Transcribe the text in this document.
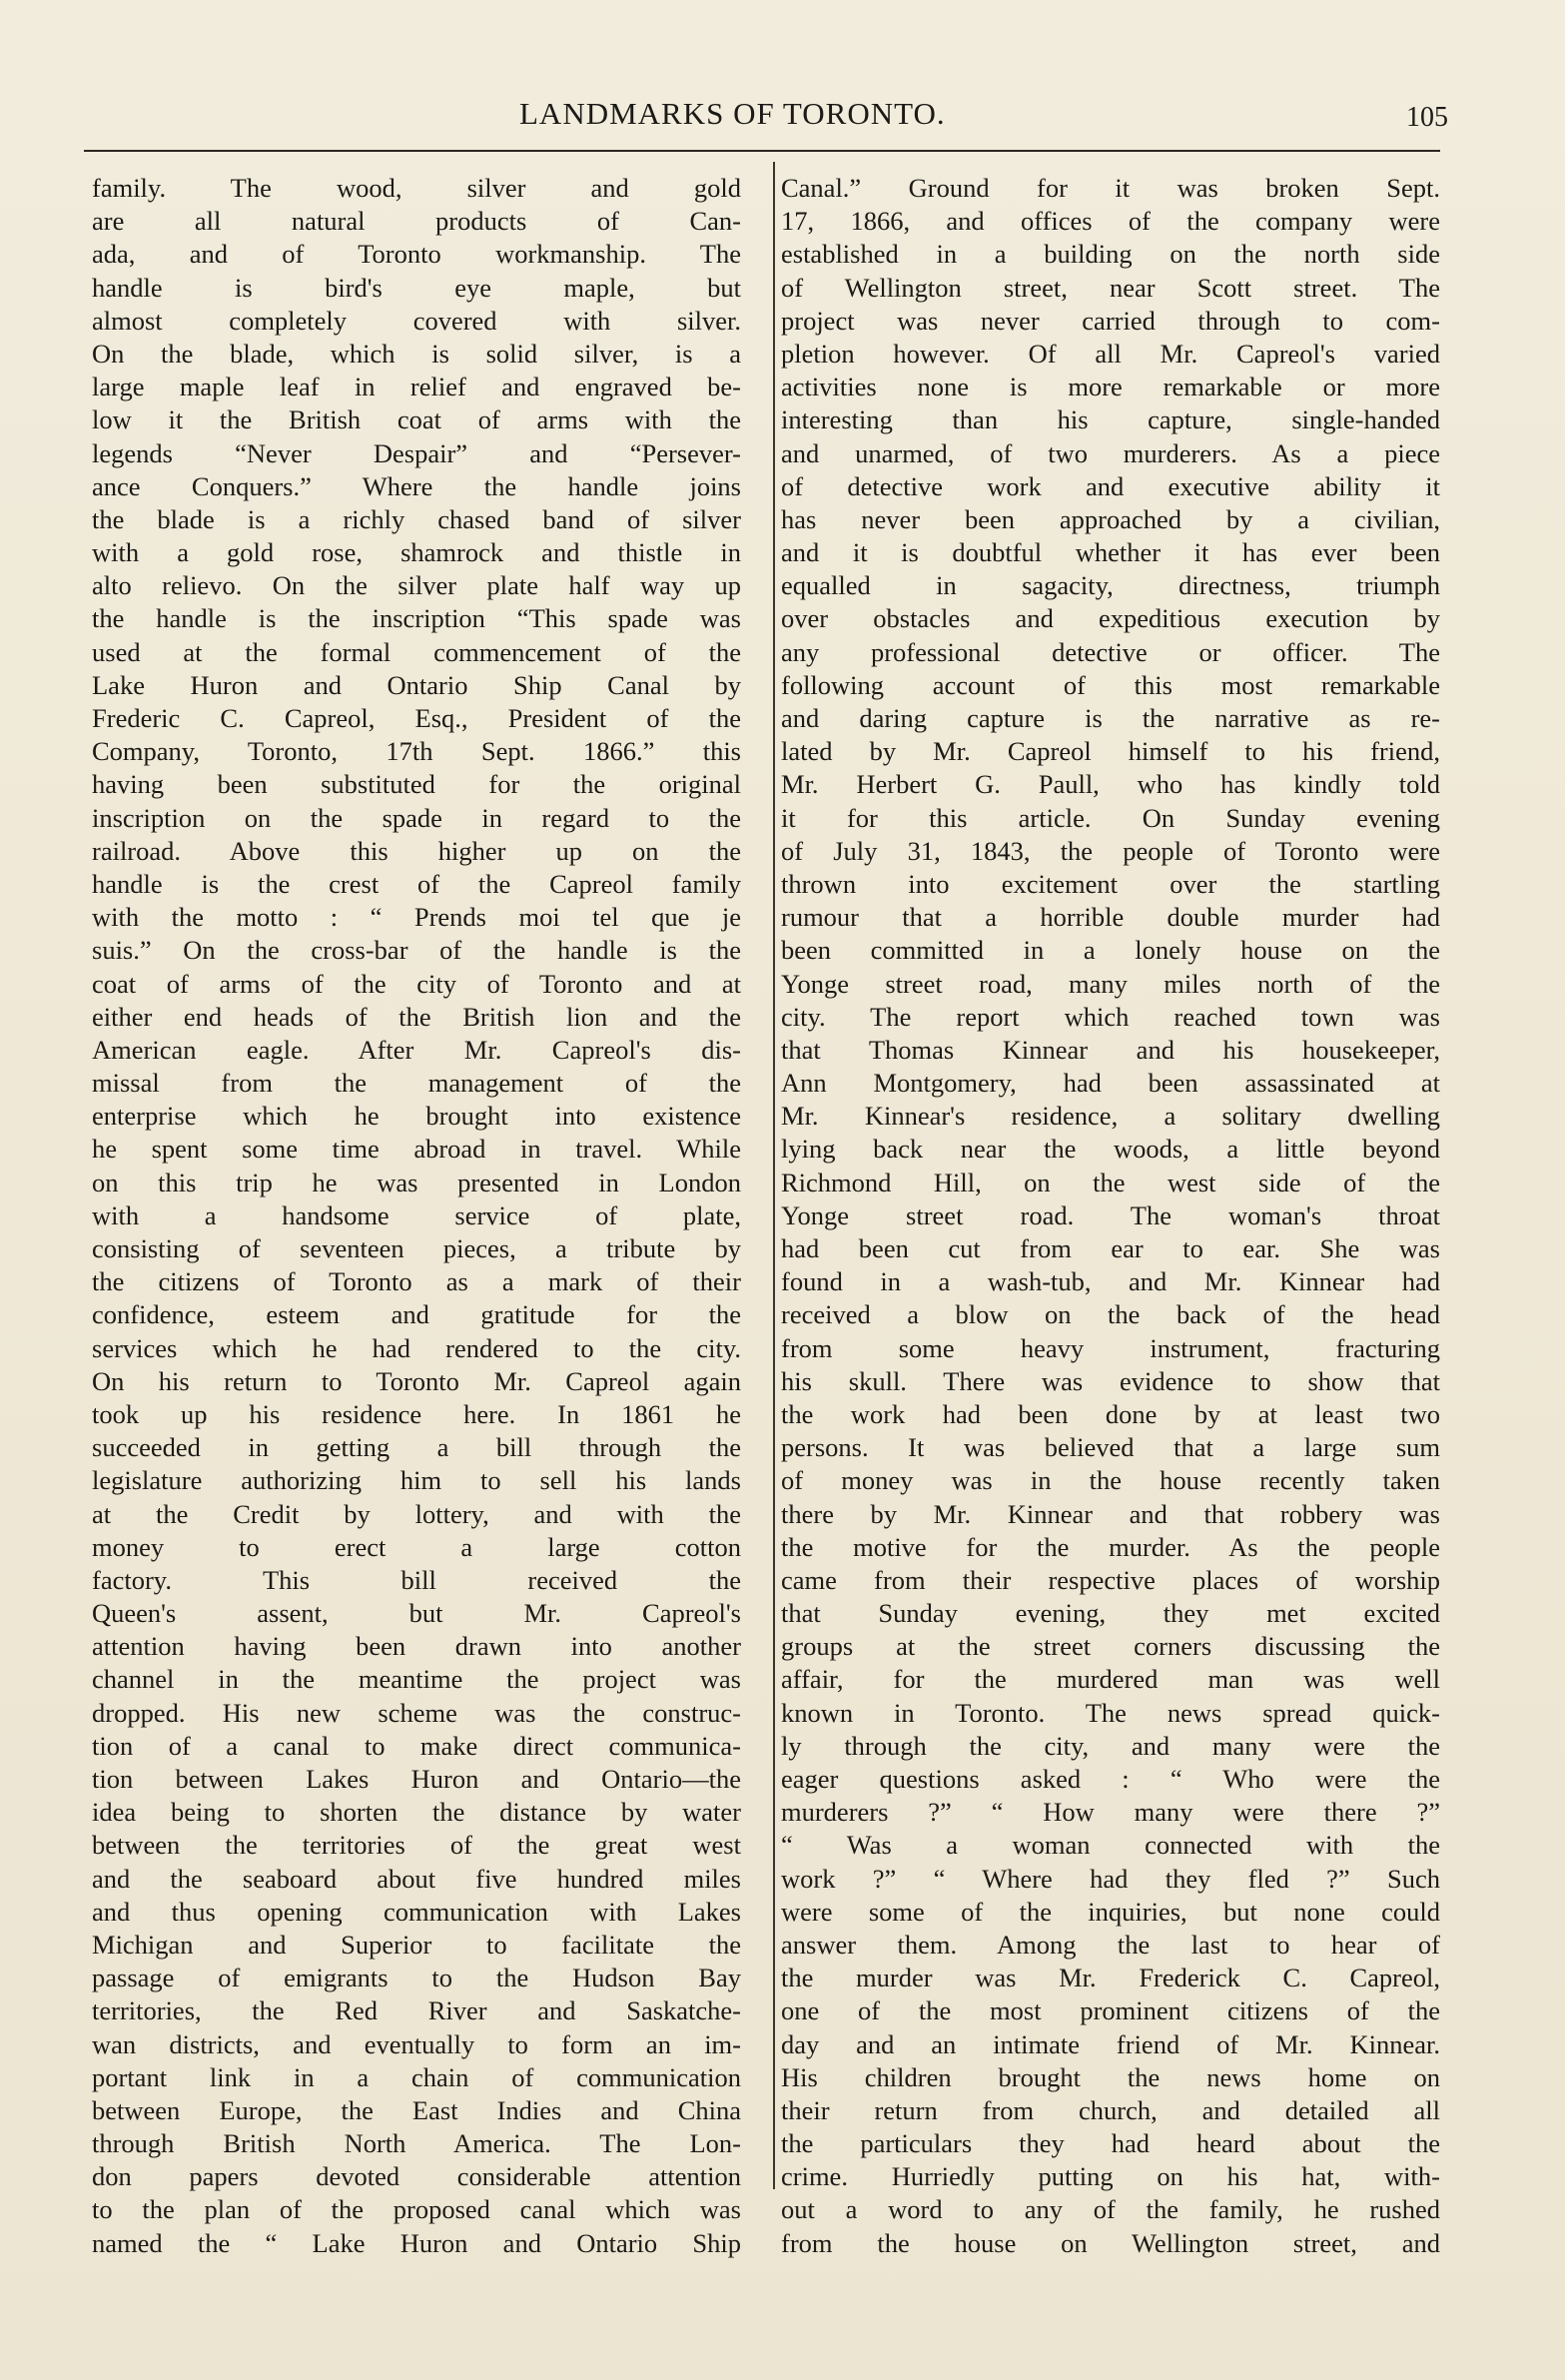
LANDMARKS OF TORONTO.	105
family. The wood, silver and gold
are all natural products of Can-
ada, and of Toronto workmanship. The
handle is bird's eye maple, but
almost completely covered with silver.
On the blade, which is solid silver, is a
large maple leaf in relief and engraved be-
low it the British coat of arms with the
legends “Never Despair” and “Persever-
ance Conquers.” Where the handle joins
the blade is a richly chased band of silver
with a gold rose, shamrock and thistle in
alto relievo. On the silver plate half way up
the handle is the inscription “This spade was
used at the formal commencement of the
Lake Huron and Ontario Ship Canal by
Frederic C. Capreol, Esq., President of the
Company, Toronto, 17th Sept. 1866.” this
having been substituted for the original
inscription on the spade in regard to the
railroad. Above this higher up on the
handle is the crest of the Capreol family
with the motto : “ Prends moi tel que je
suis.” On the cross-bar of the handle is the
coat of arms of the city of Toronto and at
either end heads of the British lion and the
American eagle. After Mr. Capreol's dis-
missal from the management of the
enterprise which he brought into existence
he spent some time abroad in travel. While
on this trip he was presented in London
with a handsome service of plate,
consisting of seventeen pieces, a tribute by
the citizens of Toronto as a mark of their
confidence, esteem and gratitude for the
services which he had rendered to the city.
On his return to Toronto Mr. Capreol again
took up his residence here. In 1861 he
succeeded in getting a bill through the
legislature authorizing him to sell his lands
at the Credit by lottery, and with the
money to erect a large cotton
factory. This bill received the
Queen's assent, but Mr. Capreol's
attention having been drawn into another
channel in the meantime the project was
dropped. His new scheme was the construc-
tion of a canal to make direct communica-
tion between Lakes Huron and Ontario—the
idea being to shorten the distance by water
between the territories of the great west
and the seaboard about five hundred miles
and thus opening communication with Lakes
Michigan and Superior to facilitate the
passage of emigrants to the Hudson Bay
territories, the Red River and Saskatche-
wan districts, and eventually to form an im-
portant link in a chain of communication
between Europe, the East Indies and China
through British North America. The Lon-
don papers devoted considerable attention
to the plan of the proposed canal which was
named the “ Lake Huron and Ontario Ship
Canal.” Ground for it was broken Sept.
17, 1866, and offices of the company were
established in a building on the north side
of Wellington street, near Scott street. The
project was never carried through to com-
pletion however. Of all Mr. Capreol's varied
activities none is more remarkable or more
interesting than his capture, single-handed
and unarmed, of two murderers. As a piece
of detective work and executive ability it
has never been approached by a civilian,
and it is doubtful whether it has ever been
equalled in sagacity, directness, triumph
over obstacles and expeditious execution by
any professional detective or officer. The
following account of this most remarkable
and daring capture is the narrative as re-
lated by Mr. Capreol himself to his friend,
Mr. Herbert G. Paull, who has kindly told
it for this article. On Sunday evening
of July 31, 1843, the people of Toronto were
thrown into excitement over the startling
rumour that a horrible double murder had
been committed in a lonely house on the
Yonge street road, many miles north of the
city. The report which reached town was
that Thomas Kinnear and his housekeeper,
Ann Montgomery, had been assassinated at
Mr. Kinnear's residence, a solitary dwelling
lying back near the woods, a little beyond
Richmond Hill, on the west side of the
Yonge street road. The woman's throat
had been cut from ear to ear. She was
found in a wash-tub, and Mr. Kinnear had
received a blow on the back of the head
from some heavy instrument, fracturing
his skull. There was evidence to show that
the work had been done by at least two
persons. It was believed that a large sum
of money was in the house recently taken
there by Mr. Kinnear and that robbery was
the motive for the murder. As the people
came from their respective places of worship
that Sunday evening, they met excited
groups at the street corners discussing the
affair, for the murdered man was well
known in Toronto. The news spread quick-
ly through the city, and many were the
eager questions asked : “ Who were the
murderers ?” “ How many were there ?”
“ Was a woman connected with the
work ?” “ Where had they fled ?” Such
were some of the inquiries, but none could
answer them. Among the last to hear of
the murder was Mr. Frederick C. Capreol,
one of the most prominent citizens of the
day and an intimate friend of Mr. Kinnear.
His children brought the news home on
their return from church, and detailed all
the particulars they had heard about the
crime. Hurriedly putting on his hat, with-
out a word to any of the family, he rushed
from the house on Wellington street, and
